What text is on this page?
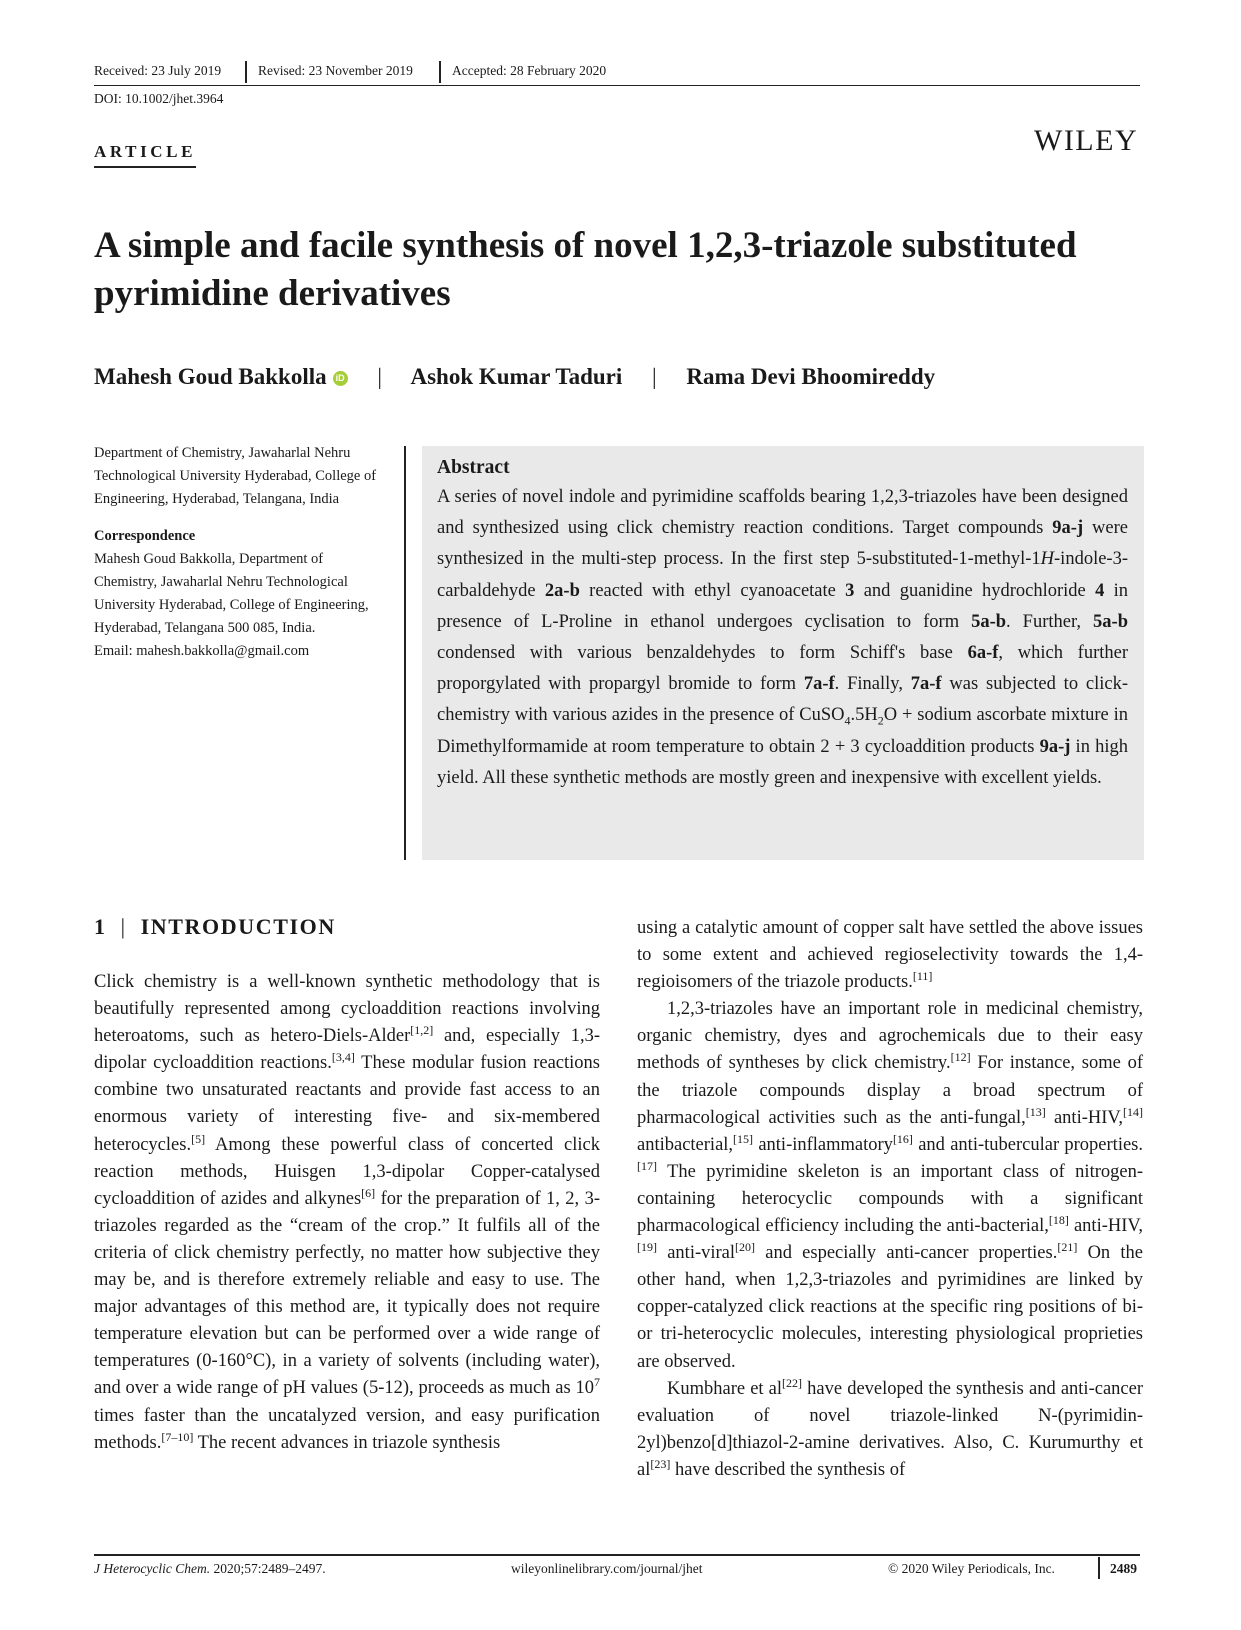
Received: 23 July 2019	Revised: 23 November 2019	Accepted: 28 February 2020
DOI: 10.1002/jhet.3964
ARTICLE	WILEY
A simple and facile synthesis of novel 1,2,3-triazole substituted pyrimidine derivatives
Mahesh Goud Bakkolla iD | Ashok Kumar Taduri | Rama Devi Bhoomireddy
Department of Chemistry, Jawaharlal Nehru Technological University Hyderabad, College of Engineering, Hyderabad, Telangana, India
Correspondence
Mahesh Goud Bakkolla, Department of Chemistry, Jawaharlal Nehru Technological University Hyderabad, College of Engineering, Hyderabad, Telangana 500 085, India.
Email: mahesh.bakkolla@gmail.com
Abstract
A series of novel indole and pyrimidine scaffolds bearing 1,2,3-triazoles have been designed and synthesized using click chemistry reaction conditions. Target compounds 9a-j were synthesized in the multi-step process. In the first step 5-substituted-1-methyl-1H-indole-3-carbaldehyde 2a-b reacted with ethyl cyanoacetate 3 and guanidine hydrochloride 4 in presence of L-Proline in ethanol undergoes cyclisation to form 5a-b. Further, 5a-b condensed with various benzaldehydes to form Schiff's base 6a-f, which further proporgylated with propargyl bromide to form 7a-f. Finally, 7a-f was subjected to click-chemistry with various azides in the presence of $CuSO_4.5H_2O$ + sodium ascorbate mixture in Dimethylformamide at room temperature to obtain 2 + 3 cycloaddition products 9a-j in high yield. All these synthetic methods are mostly green and inexpensive with excellent yields.
1 | INTRODUCTION

Click chemistry is a well-known synthetic methodology that is beautifully represented among cycloaddition reactions involving heteroatoms, such as hetero-Diels-Alder[1,2] and, especially 1,3-dipolar cycloaddition reactions.[3,4] These modular fusion reactions combine two unsaturated reactants and provide fast access to an enormous variety of interesting five- and six-membered heterocycles.[5] Among these powerful class of concerted click reaction methods, Huisgen 1,3-dipolar Copper-catalysed cycloaddition of azides and alkynes[6] for the preparation of 1, 2, 3-triazoles regarded as the “cream of the crop.” It fulfils all of the criteria of click chemistry perfectly, no matter how subjective they may be, and is therefore extremely reliable and easy to use. The major advantages of this method are, it typically does not require temperature elevation but can be performed over a wide range of temperatures (0-160°C), in a variety of solvents (including water), and over a wide range of pH values (5-12), proceeds as much as $10^7$ times faster than the uncatalyzed version, and easy purification methods.[7–10] The recent advances in triazole synthesis

using a catalytic amount of copper salt have settled the above issues to some extent and achieved regioselectivity towards the 1,4-regioisomers of the triazole products.[11]

1,2,3-triazoles have an important role in medicinal chemistry, organic chemistry, dyes and agrochemicals due to their easy methods of syntheses by click chemistry.[12] For instance, some of the triazole compounds display a broad spectrum of pharmacological activities such as the anti-fungal,[13] anti-HIV,[14] antibacterial,[15] anti-inflammatory[16] and anti-tubercular properties.[17] The pyrimidine skeleton is an important class of nitrogen-containing heterocyclic compounds with a significant pharmacological efficiency including the anti-bacterial,[18] anti-HIV,[19] anti-viral[20] and especially anti-cancer properties.[21] On the other hand, when 1,2,3-triazoles and pyrimidines are linked by copper-catalyzed click reactions at the specific ring positions of bi- or tri-heterocyclic molecules, interesting physiological proprieties are observed.

Kumbhare et al[22] have developed the synthesis and anti-cancer evaluation of novel triazole-linked N-(pyrimidin-2yl)benzo[d]thiazol-2-amine derivatives. Also, C. Kurumurthy et al[23] have described the synthesis of

J Heterocyclic Chem. 2020;57:2489–2497.	wileyonlinelibrary.com/journal/jhet	© 2020 Wiley Periodicals, Inc.	2489
